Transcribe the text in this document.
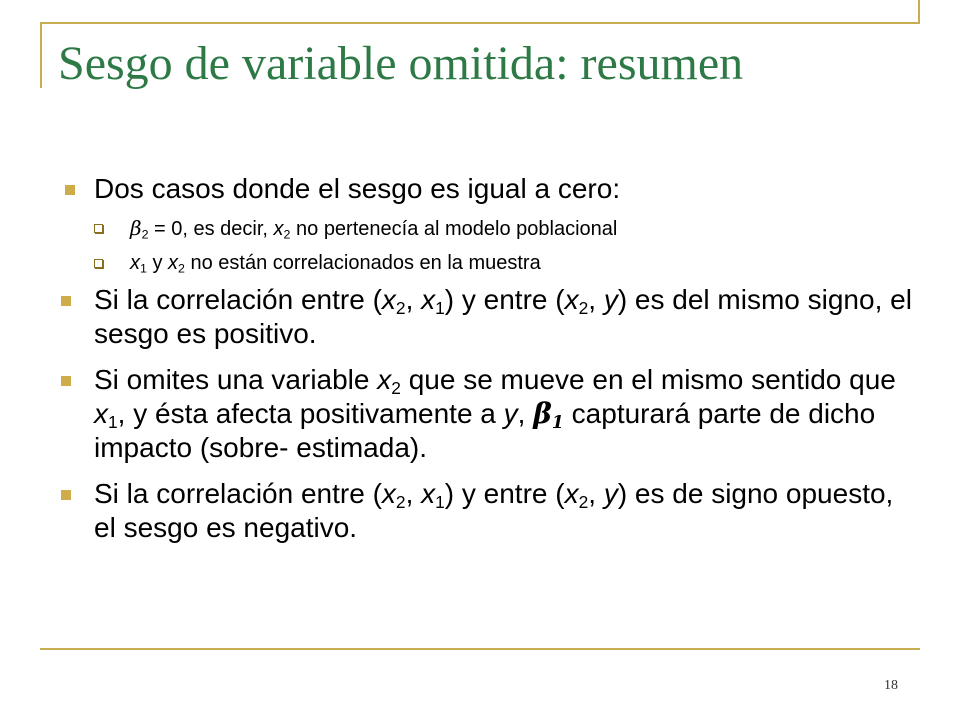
Sesgo de variable omitida: resumen
Dos casos donde el sesgo es igual a cero:
$\beta_2 = 0$, es decir, $x_2$ no pertenecía al modelo poblacional
$x_1$ y $x_2$ no están correlacionados en la muestra
Si la correlación entre ($x_2$, $x_1$) y entre ($x_2$, y) es del mismo signo, el sesgo es positivo.
Si omites una variable $x_2$ que se mueve en el mismo sentido que $x_1$, y ésta afecta positivamente a y, $\beta_1$ capturará parte de dicho impacto (sobre- estimada).
Si la correlación entre ($x_2$, $x_1$) y entre ($x_2$, y) es de signo opuesto, el sesgo es negativo.
18
